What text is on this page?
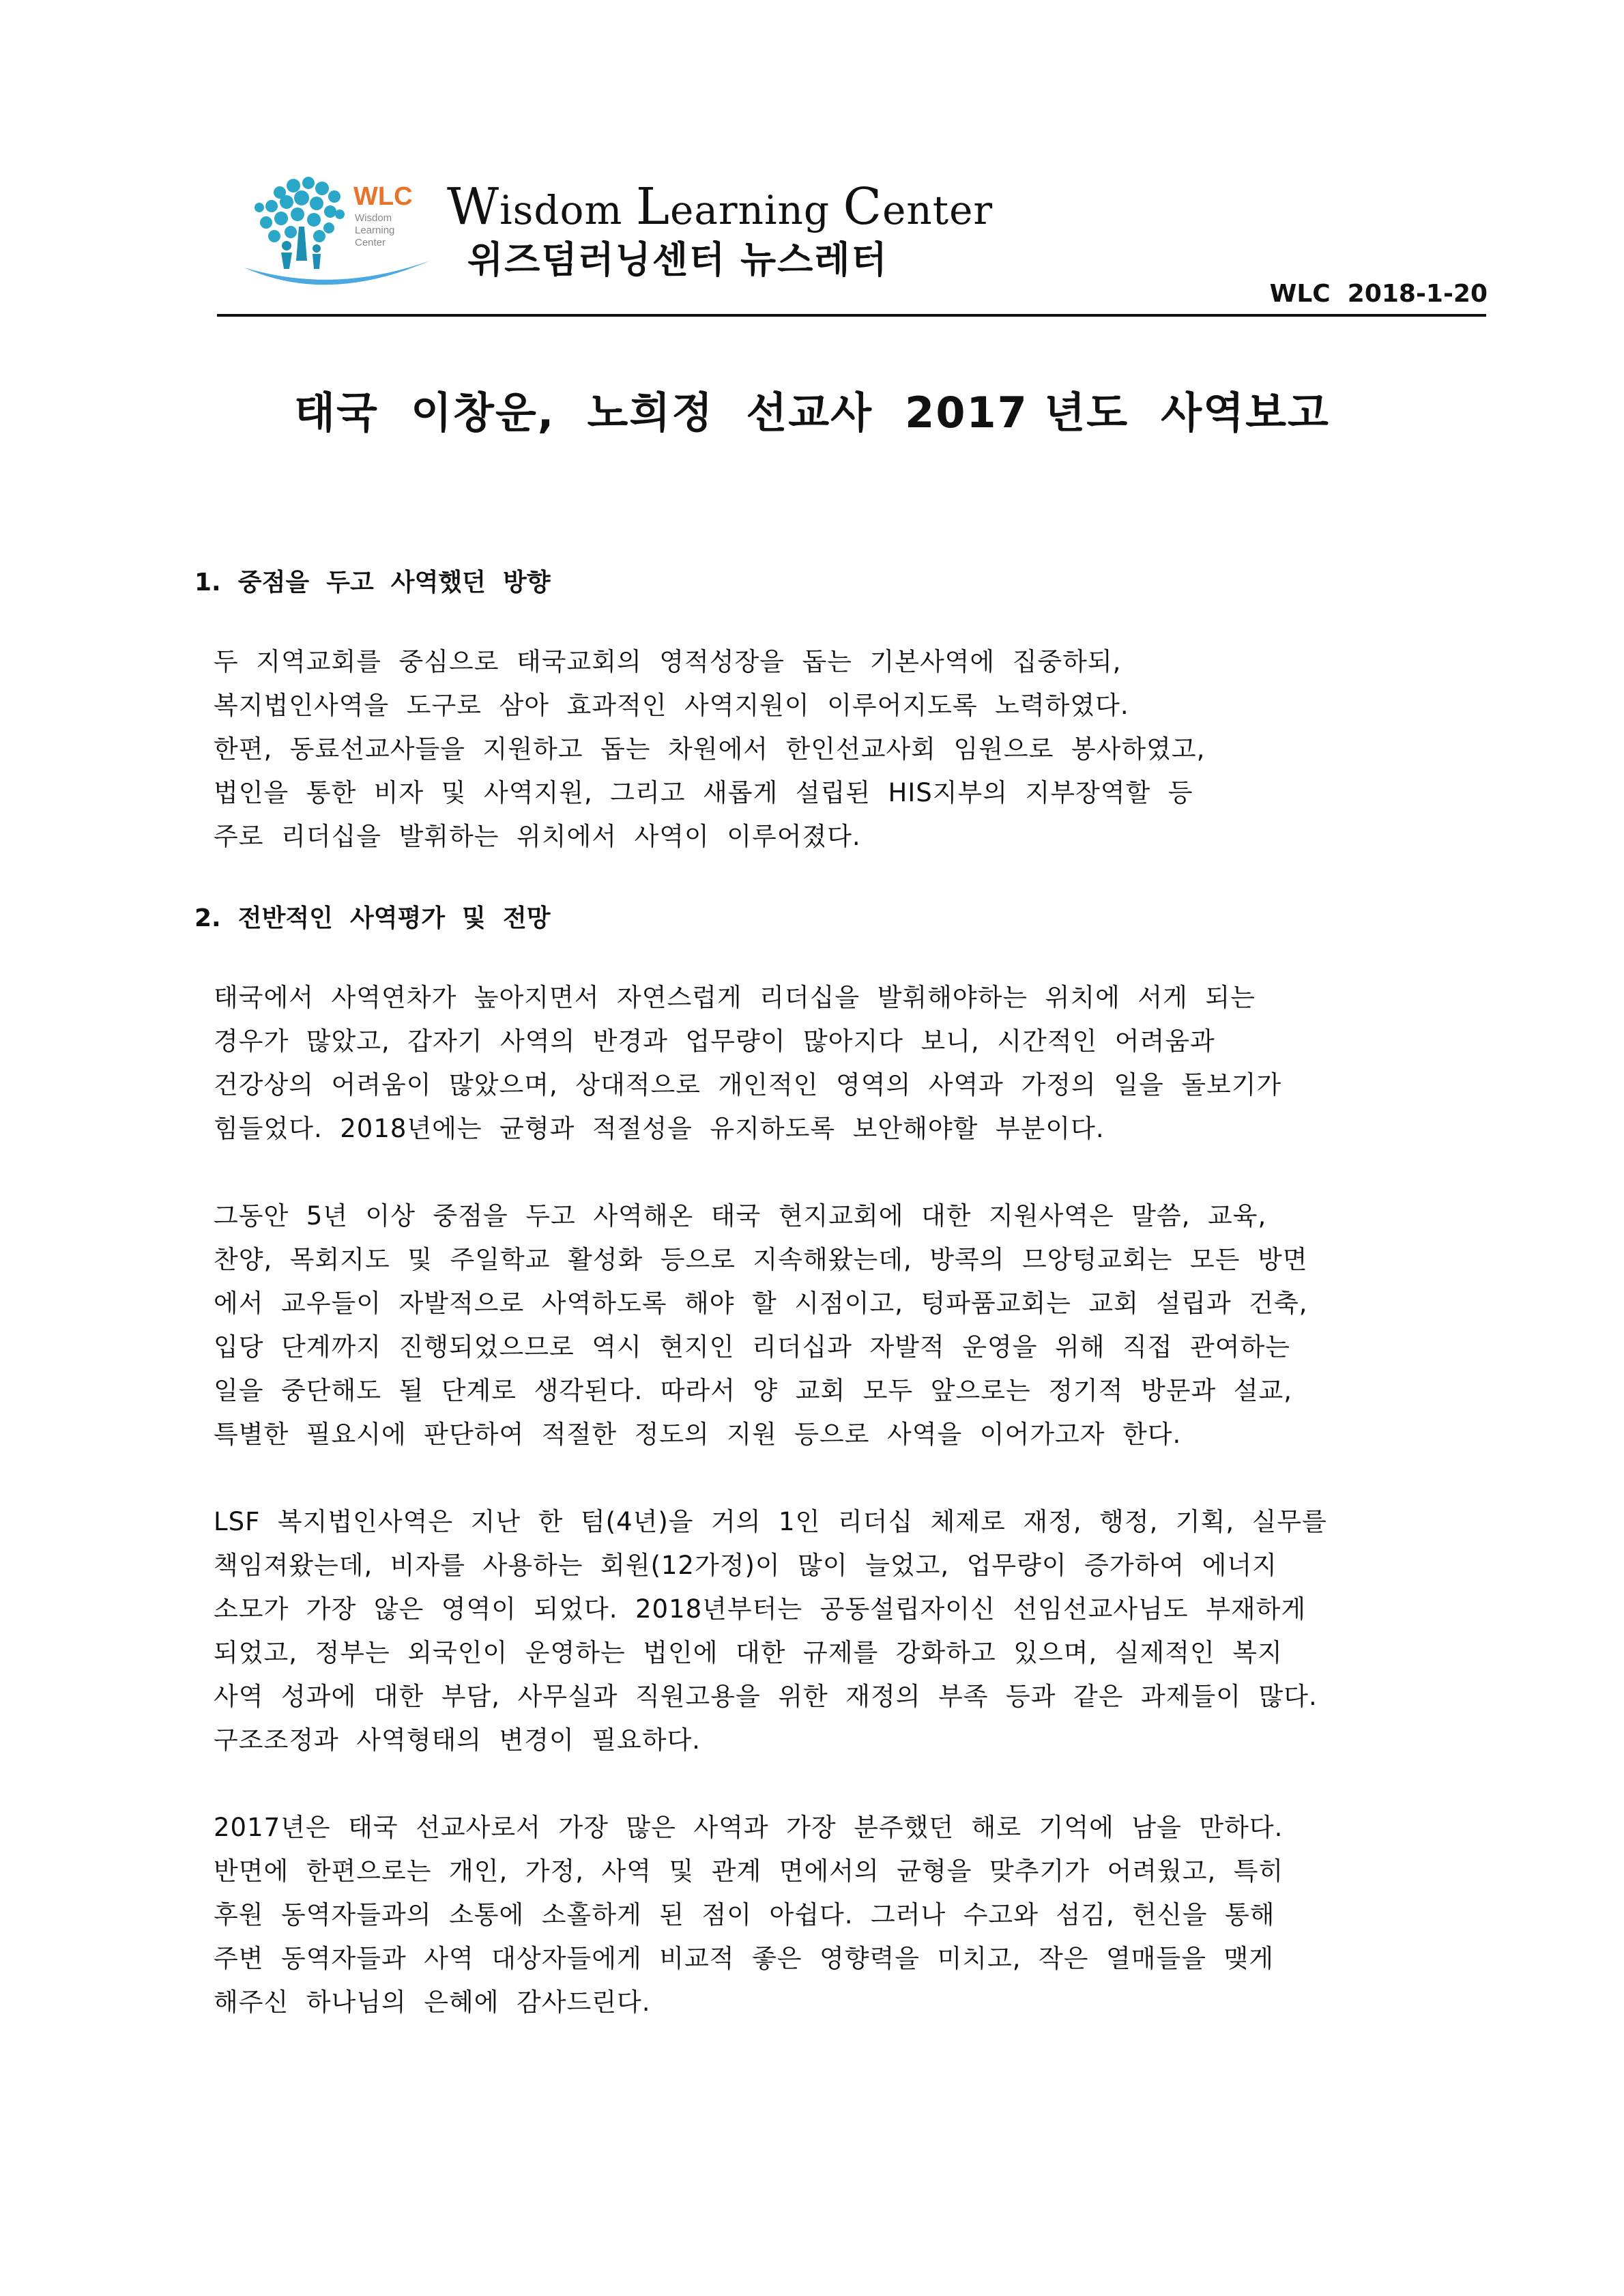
WLC
Wisdom
Learning
Center
Wisdom Learning Center
위즈덤러닝센터 뉴스레터
WLC  2018-1-20
태국  이창운,  노희정  선교사  2017 년도  사역보고
1.  중점을  두고  사역했던  방향
두  지역교회를  중심으로  태국교회의  영적성장을  돕는  기본사역에  집중하되,
복지법인사역을  도구로  삼아  효과적인  사역지원이  이루어지도록  노력하였다.
한편,  동료선교사들을  지원하고  돕는  차원에서  한인선교사회  임원으로  봉사하였고,
법인을  통한  비자  및  사역지원,  그리고  새롭게  설립된  HIS지부의  지부장역할  등
주로  리더십을  발휘하는  위치에서  사역이  이루어졌다.
2.  전반적인  사역평가  및  전망
태국에서  사역연차가  높아지면서  자연스럽게  리더십을  발휘해야하는  위치에  서게  되는
경우가  많았고,  갑자기  사역의  반경과  업무량이  많아지다  보니,  시간적인  어려움과
건강상의  어려움이  많았으며,  상대적으로  개인적인  영역의  사역과  가정의  일을  돌보기가
힘들었다.  2018년에는  균형과  적절성을  유지하도록  보안해야할  부분이다.
그동안  5년  이상  중점을  두고  사역해온  태국  현지교회에  대한  지원사역은  말씀,  교육,
찬양,  목회지도  및  주일학교  활성화  등으로  지속해왔는데,  방콕의  므앙텅교회는  모든  방면
에서  교우들이  자발적으로  사역하도록  해야  할  시점이고,  텅파품교회는  교회  설립과  건축,
입당  단계까지  진행되었으므로  역시  현지인  리더십과  자발적  운영을  위해  직접  관여하는
일을  중단해도  될  단계로  생각된다.  따라서  양  교회  모두  앞으로는  정기적  방문과  설교,
특별한  필요시에  판단하여  적절한  정도의  지원  등으로  사역을  이어가고자  한다.
LSF  복지법인사역은  지난  한  텀(4년)을  거의  1인  리더십  체제로  재정,  행정,  기획,  실무를
책임져왔는데,  비자를  사용하는  회원(12가정)이  많이  늘었고,  업무량이  증가하여  에너지
소모가  가장  않은  영역이  되었다.  2018년부터는  공동설립자이신  선임선교사님도  부재하게
되었고,  정부는  외국인이  운영하는  법인에  대한  규제를  강화하고  있으며,  실제적인  복지
사역  성과에  대한  부담,  사무실과  직원고용을  위한  재정의  부족  등과  같은  과제들이  많다.
구조조정과  사역형태의  변경이  필요하다.
2017년은  태국  선교사로서  가장  많은  사역과  가장  분주했던  해로  기억에  남을  만하다.
반면에  한편으로는  개인,  가정,  사역  및  관계  면에서의  균형을  맞추기가  어려웠고,  특히
후원  동역자들과의  소통에  소홀하게  된  점이  아쉽다.  그러나  수고와  섬김,  헌신을  통해
주변  동역자들과  사역  대상자들에게  비교적  좋은  영향력을  미치고,  작은  열매들을  맺게
해주신  하나님의  은혜에  감사드린다.
